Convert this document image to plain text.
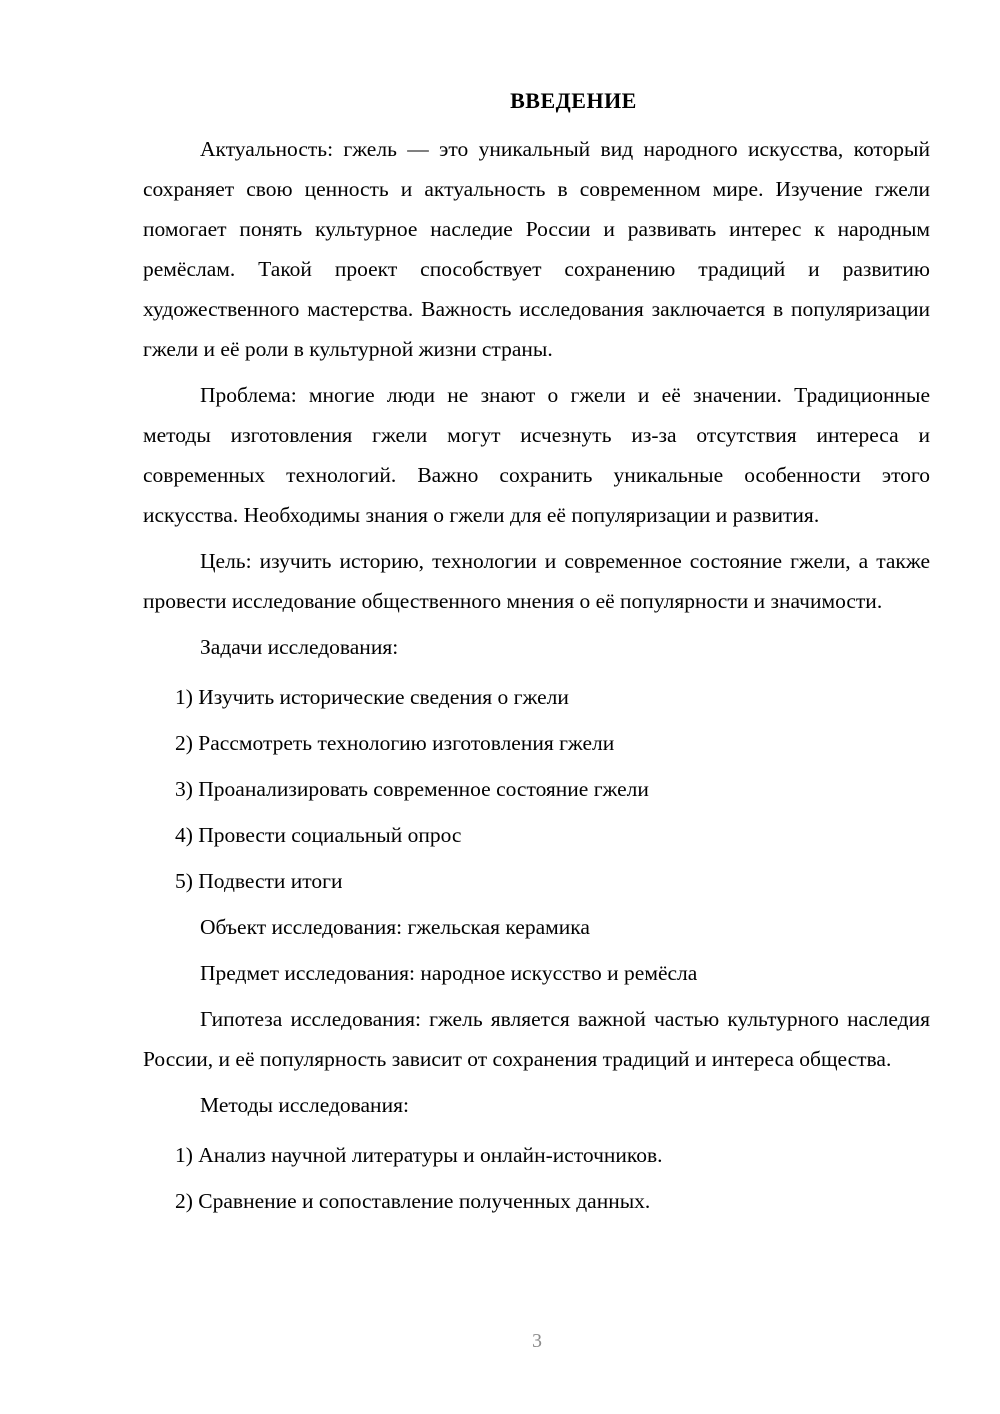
ВВЕДЕНИЕ

Актуальность: гжель — это уникальный вид народного искусства, который сохраняет свою ценность и актуальность в современном мире. Изучение гжели помогает понять культурное наследие России и развивать интерес к народным ремёслам. Такой проект способствует сохранению традиций и развитию художественного мастерства. Важность исследования заключается в популяризации гжели и её роли в культурной жизни страны.

Проблема: многие люди не знают о гжели и её значении. Традиционные методы изготовления гжели могут исчезнуть из-за отсутствия интереса и современных технологий. Важно сохранить уникальные особенности этого искусства. Необходимы знания о гжели для её популяризации и развития.

Цель: изучить историю, технологии и современное состояние гжели, а также провести исследование общественного мнения о её популярности и значимости.

Задачи исследования:

1) Изучить исторические сведения о гжели
2) Рассмотреть технологию изготовления гжели
3) Проанализировать современное состояние гжели
4) Провести социальный опрос
5) Подвести итоги

Объект исследования: гжельская керамика

Предмет исследования: народное искусство и ремёсла

Гипотеза исследования: гжель является важной частью культурного наследия России, и её популярность зависит от сохранения традиций и интереса общества.

Методы исследования:

1) Анализ научной литературы и онлайн-источников.
2) Сравнение и сопоставление полученных данных.
3
